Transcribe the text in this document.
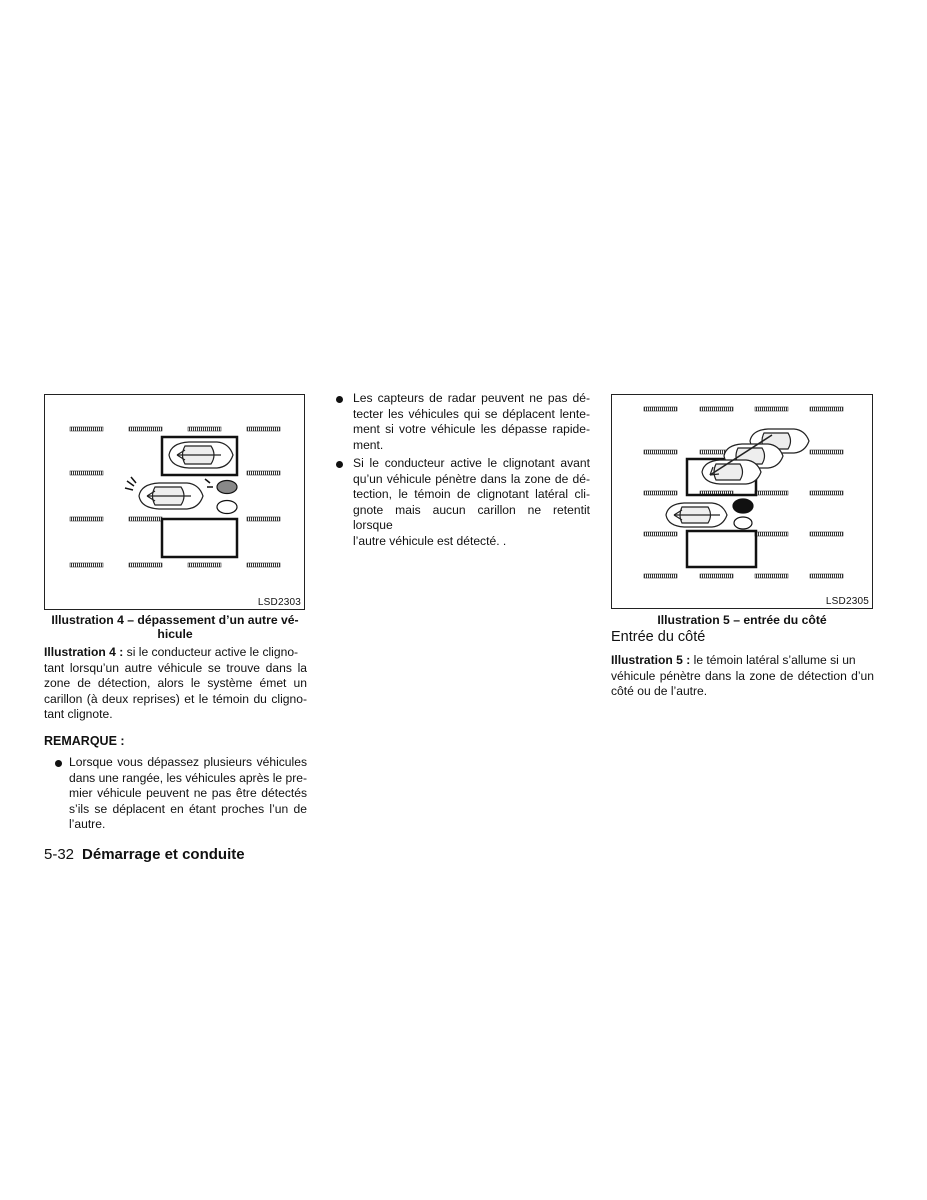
LSD2303
Illustration 4 – dépassement d’un autre vé-
hicule
Illustration 4 : si le conducteur active le cligno-
tant lorsqu’un autre véhicule se trouve dans la
zone de détection, alors le système émet un
carillon (à deux reprises) et le témoin du cligno-
tant clignote.
REMARQUE :
Lorsque vous dépassez plusieurs véhicules
dans une rangée, les véhicules après le pre-
mier véhicule peuvent ne pas être détectés
s’ils se déplacent en étant proches l’un de
l’autre.
Les capteurs de radar peuvent ne pas dé-
tecter les véhicules qui se déplacent lente-
ment si votre véhicule les dépasse rapide-
ment.
Si le conducteur active le clignotant avant
qu’un véhicule pénètre dans la zone de dé-
tection, le témoin de clignotant latéral cli-
gnote mais aucun carillon ne retentit lorsque
l’autre véhicule est détecté. .
LSD2305
Illustration 5 – entrée du côté
Entrée du côté
Illustration 5 : le témoin latéral s’allume si un
véhicule pénètre dans la zone de détection d’un
côté ou de l’autre.
5-32 Démarrage et conduite
